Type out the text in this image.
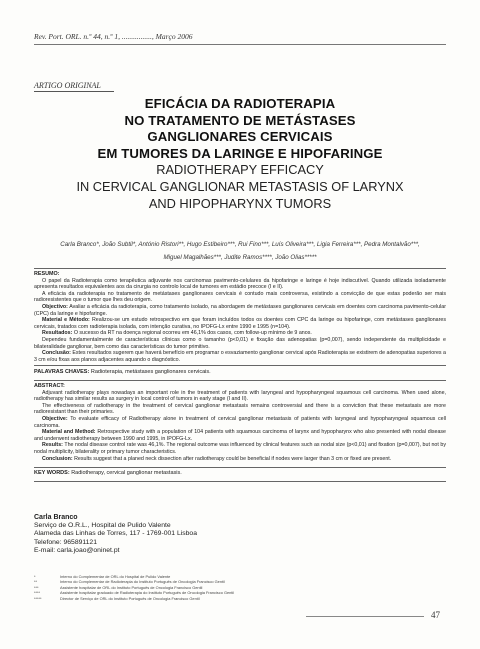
Rev. Port. ORL. n.º 44, n.º 1, ................, Março 2006
ARTIGO ORIGINAL
EFICÁCIA DA RADIOTERAPIA
NO TRATAMENTO DE METÁSTASES
GANGLIONARES CERVICAIS
EM TUMORES DA LARINGE E HIPOFARINGE
RADIOTHERAPY EFFICACY
IN CERVICAL GANGLIONAR METASTASIS OF LARYNX
AND HIPOPHARYNX TUMORS
Carla Branco*, João Subtil*, António Ristori**, Hugo Estibeiro***, Rui Fino***, Luís Oliveira***, Ligia Ferreira***, Pedra Montalvão***,
Miguel Magalhães***, Judite Ramos****, João Olias*****
RESUMO:
O papel da Radioterapia como terapêutica adjuvante nos carcinomas pavimento-celulares da hipofaringe e laringe é hoje indiscutível. Quando utilizada isoladamente apresenta resultados equivalentes aos da cirurgia no controlo local de tumores em estádio precoce (I e II).
A eficácia da radioterapia no tratamento de metástases ganglionares cervicais é contudo mais controversa, existindo a convicção de que estas poderão ser mais radioresistentes que o tumor que lhes deu origem.
Objectivo: Avaliar a eficácia da radioterapia, como tratamento isolado, na abordagem de metástases ganglionares cervicais em doentes com carcinoma pavimento-celular (CPC) da laringe e hipofaringe.
Material e Método: Realizou-se um estudo retrospectivo em que foram incluídos todos os doentes com CPC da laringe ou hipofaringe, com metástases ganglionares cervicais, tratados com radioterapia isolada, com intenção curativa, no IPOFG-Lx entre 1990 e 1995 (n=104).
Resultados: O sucesso da RT na doença regional ocorreu em 46,1% dos casos, com follow-up mínimo de 9 anos.
Dependeu fundamentalmente de características clínicas como o tamanho (p<0,01) e fixação das adenopatias (p=0,007), sendo independente da multiplicidade e bilateralidade ganglionar, bem como das características do tumor primitivo.
Conclusão: Estes resultados sugerem que haverá benefício em programar o esvaziamento ganglionar cervical após Radioterapia se existirem de adenopatias superiores a 3 cm e/ou fixas aos planos adjacentes aquando o diagnóstico.
PALAVRAS CHAVES: Radioterapia, metástases ganglionares cervicais.
ABSTRACT:
Adjuvant radiotherapy plays nowadays an important role in the treatment of patients with laryngeal and hypopharyngeal squamous cell carcinoma. When used alone, radiotherapy has similar results as surgery in local control of tumors in early stage (I and II).
The effectiveness of radiotherapy in the treatment of cervical ganglionar metastasis remains controversial and there is a conviction that these metastasis are more radioresistant than their primaries.
Objective: To evaluate efficacy of Radiotherapy alone in treatment of cervical ganglionar metastasis of patients with laryngeal and hypopharyngeal squamous cell carcinoma.
Material and Method: Retrospective study with a population of 104 patients with squamous carcinoma of larynx and hypopharynx who also presented with nodal disease and underwent radiotherapy between 1990 and 1995, in IPOFG-Lx.
Results: The nodal disease control rate was 46,1%. The regional outcome was influenced by clinical features such as nodal size (p<0,01) and fixation (p=0,007), but not by nodal multiplicity, bilaterality or primary tumor characteristics.
Conclusion: Results suggest that a planed neck dissection after radiotherapy could be beneficial if nodes were larger than 3 cm or fixed are present.
KEY WORDS: Radiotherapy, cervical ganglionar metastasis.
Carla Branco
Serviço de O.R.L., Hospital de Pulido Valente
Alameda das Linhas de Torres, 117 - 1769-001 Lisboa
Telefone: 965891121
E-mail: carla.joao@oninet.pt
*	Interno do Complementar de ORL do Hospital de Pulido Valente
**	Interno do Complementar de Radioterapia do Instituto Português de Oncologia Francisco Gentil
***	Assistente hospitalar de ORL do Instituto Português de Oncologia Francisco Gentil
****	Assistente hospitalar graduado de Radioterapia do Instituto Português de Oncologia Francisco Gentil
*****	Director de Serviço de ORL do Instituto Português de Oncologia Francisco Gentil
47
